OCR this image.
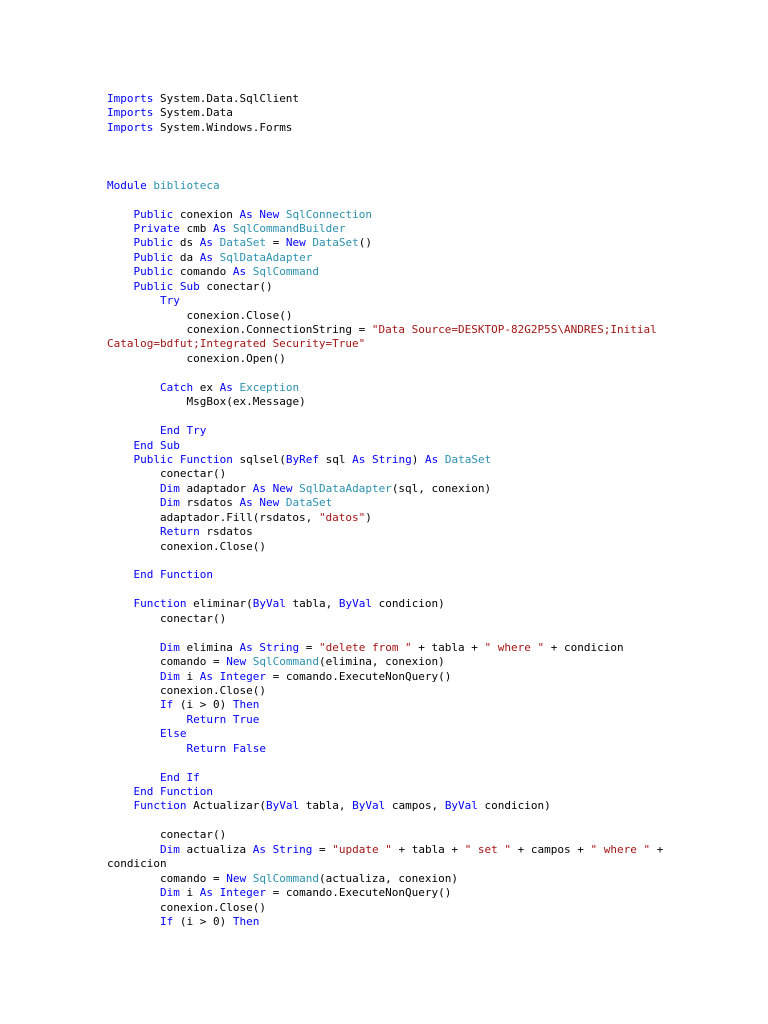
Imports System.Data.SqlClient
Imports System.Data
Imports System.Windows.Forms
Module biblioteca
Public conexion As New SqlConnection
Private cmb As SqlCommandBuilder
Public ds As DataSet = New DataSet()
Public da As SqlDataAdapter
Public comando As SqlCommand
Public Sub conectar()
Try
conexion.Close()
conexion.ConnectionString = "Data Source=DESKTOP-82G2P5S\ANDRES;Initial
Catalog=bdfut;Integrated Security=True"
conexion.Open()
Catch ex As Exception
MsgBox(ex.Message)
End Try
End Sub
Public Function sqlsel(ByRef sql As String) As DataSet
conectar()
Dim adaptador As New SqlDataAdapter(sql, conexion)
Dim rsdatos As New DataSet
adaptador.Fill(rsdatos, "datos")
Return rsdatos
conexion.Close()
End Function
Function eliminar(ByVal tabla, ByVal condicion)
conectar()
Dim elimina As String = "delete from " + tabla + " where " + condicion
comando = New SqlCommand(elimina, conexion)
Dim i As Integer = comando.ExecuteNonQuery()
conexion.Close()
If (i > 0) Then
Return True
Else
Return False
End If
End Function
Function Actualizar(ByVal tabla, ByVal campos, ByVal condicion)
conectar()
Dim actualiza As String = "update " + tabla + " set " + campos + " where " +
condicion
comando = New SqlCommand(actualiza, conexion)
Dim i As Integer = comando.ExecuteNonQuery()
conexion.Close()
If (i > 0) Then
